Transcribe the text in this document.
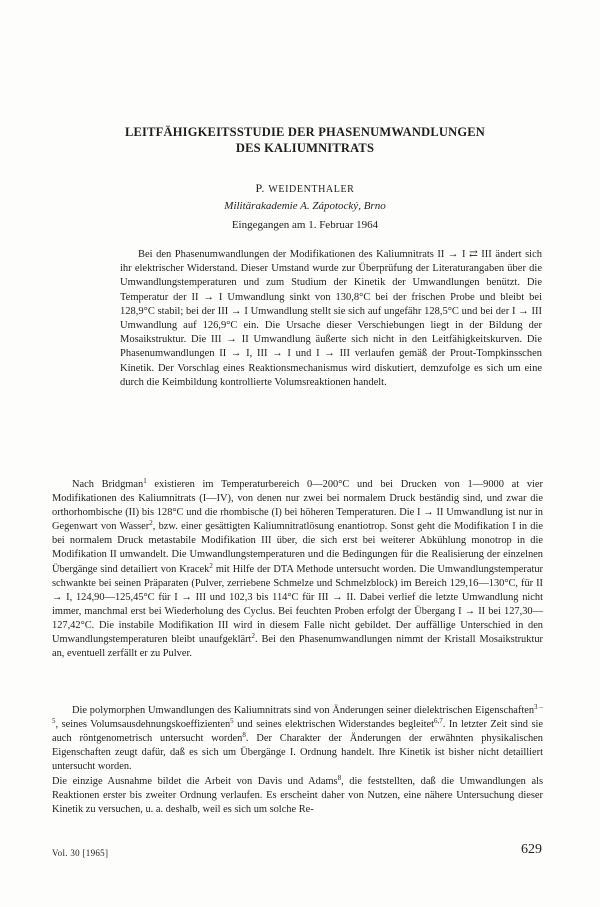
LEITFÄHIGKEITSSTUDIE DER PHASENUMWANDLUNGEN
DES KALIUMNITRATS
P. WEIDENTHALER
Militärakademie A. Zápotocký, Brno
Eingegangen am 1. Februar 1964

Bei den Phasenumwandlungen der Modifikationen des Kaliumnitrats II → I ⇄ III ändert sich ihr elektrischer Widerstand. Dieser Umstand wurde zur Überprüfung der Literaturangaben über die Umwandlungstemperaturen und zum Studium der Kinetik der Umwandlungen benützt. Die Temperatur der II → I Umwandlung sinkt von 130,8°C bei der frischen Probe und bleibt bei 128,9°C stabil; bei der III → I Umwandlung stellt sie sich auf ungefähr 128,5°C und bei der I → III Umwandlung auf 126,9°C ein. Die Ursache dieser Verschiebungen liegt in der Bildung der Mosaikstruktur. Die III → II Umwandlung äußerte sich nicht in den Leitfähigkeitskurven. Die Phasenumwandlungen II → I, III → I und I → III verlaufen gemäß der Prout-Tompkinsschen Kinetik. Der Vorschlag eines Reaktionsmechanismus wird diskutiert, demzufolge es sich um eine durch die Keimbildung kontrollierte Volumsreaktionen handelt.

Nach Bridgman$^1$ existieren im Temperaturbereich 0—200°C und bei Drucken von 1—9000 at vier Modifikationen des Kaliumnitrats (I—IV), von denen nur zwei bei normalem Druck beständig sind, und zwar die orthorhombische (II) bis 128°C und die rhombische (I) bei höheren Temperaturen. Die I → II Umwandlung ist nur in Gegenwart von Wasser$^2$, bzw. einer gesättigten Kaliumnitratlösung enantiotrop. Sonst geht die Modifikation I in die bei normalem Druck metastabile Modifikation III über, die sich erst bei weiterer Abkühlung monotrop in die Modifikation II umwandelt. Die Umwandlungstemperaturen und die Bedingungen für die Realisierung der einzelnen Übergänge sind detailiert von Kracek$^2$ mit Hilfe der DTA Methode untersucht worden. Die Umwandlungstemperatur schwankte bei seinen Präparaten (Pulver, zerriebene Schmelze und Schmelzblock) im Bereich 129,16—130°C, für II → I, 124,90—125,45°C für I → III und 102,3 bis 114°C für III → II. Dabei verlief die letzte Umwandlung nicht immer, manchmal erst bei Wiederholung des Cyclus. Bei feuchten Proben erfolgt der Übergang I → II bei 127,30—127,42°C. Die instabile Modifikation III wird in diesem Falle nicht gebildet. Der auffällige Unterschied in den Umwandlungstemperaturen bleibt unaufgeklärt$^2$. Bei den Phasenumwandlungen nimmt der Kristall Mosaikstruktur an, eventuell zerfällt er zu Pulver.

Die polymorphen Umwandlungen des Kaliumnitrats sind von Änderungen seiner dielektrischen Eigenschaften$^{3 - 5}$, seines Volumsausdehnungskoeffizienten$^5$ und seines elektrischen Widerstandes begleitet$^{6,7}$. In letzter Zeit sind sie auch röntgenometrisch untersucht worden$^8$. Der Charakter der Änderungen der erwähnten physikalischen Eigenschaften zeugt dafür, daß es sich um Übergänge I. Ordnung handelt. Ihre Kinetik ist bisher nicht detailliert untersucht worden.

Die einzige Ausnahme bildet die Arbeit von Davis und Adams$^8$, die feststellten, daß die Umwandlungen als Reaktionen erster bis zweiter Ordnung verlaufen. Es erscheint daher von Nutzen, eine nähere Untersuchung dieser Kinetik zu versuchen, u. a. deshalb, weil es sich um solche Re-

Vol. 30 [1965]	629
